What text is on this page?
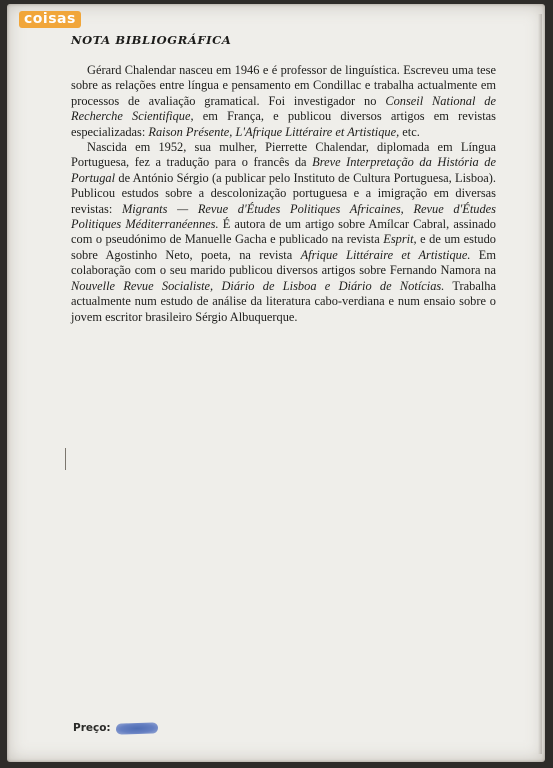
coisas
NOTA BIBLIOGRÁFICA

Gérard Chalendar nasceu em 1946 e é professor de linguística. Escreveu uma tese sobre as relações entre língua e pensamento em Condillac e trabalha actualmente em processos de avaliação gramatical. Foi investigador no Conseil National de Recherche Scientifique, em França, e publicou diversos artigos em revistas especializadas: Raison Présente, L'Afrique Littéraire et Artistique, etc.

Nascida em 1952, sua mulher, Pierrette Chalendar, diplomada em Língua Portuguesa, fez a tradução para o francês da Breve Interpretação da História de Portugal de António Sérgio (a publicar pelo Instituto de Cultura Portuguesa, Lisboa). Publicou estudos sobre a descolonização portuguesa e a imigração em diversas revistas: Migrants — Revue d'Études Politiques Africaines, Revue d'Études Politiques Méditerranéennes. É autora de um artigo sobre Amílcar Cabral, assinado com o pseudónimo de Manuelle Gacha e publicado na revista Esprit, e de um estudo sobre Agostinho Neto, poeta, na revista Afrique Littéraire et Artistique. Em colaboração com o seu marido publicou diversos artigos sobre Fernando Namora na Nouvelle Revue Socialiste, Diário de Lisboa e Diário de Notícias. Trabalha actualmente num estudo de análise da literatura cabo-verdiana e num ensaio sobre o jovem escritor brasileiro Sérgio Albuquerque.

Preço:
